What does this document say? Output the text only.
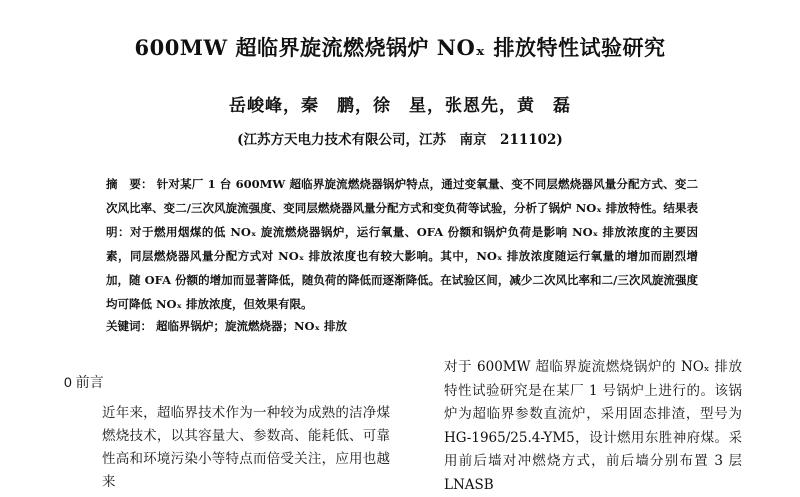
600MW 超临界旋流燃烧锅炉 NOₓ 排放特性试验研究
岳峻峰，秦　鹏，徐　星，张恩先，黄　磊
(江苏方天电力技术有限公司，江苏　南京　211102)
摘　要： 针对某厂 1 台 600MW 超临界旋流燃烧器锅炉特点，通过变氧量、变不同层燃烧器风量分配方式、变二次风比率、变二/三次风旋流强度、变同层燃烧器风量分配方式和变负荷等试验，分析了锅炉 NOₓ 排放特性。结果表明：对于燃用烟煤的低 NOₓ 旋流燃烧器锅炉，运行氧量、OFA 份额和锅炉负荷是影响 NOₓ 排放浓度的主要因素，同层燃烧器风量分配方式对 NOₓ 排放浓度也有较大影响。其中，NOₓ 排放浓度随运行氧量的增加而剧烈增加，随 OFA 份额的增加而显著降低，随负荷的降低而逐渐降低。在试验区间，减少二次风比率和二/三次风旋流强度均可降低 NOₓ 排放浓度，但效果有限。
关键词： 超临界锅炉；旋流燃烧器；NOₓ 排放
0 前言
近年来，超临界技术作为一种较为成熟的洁净煤燃烧技术，以其容量大、参数高、能耗低、可靠性高和环境污染小等特点而倍受关注，应用也越来
对于 600MW 超临界旋流燃烧锅炉的 NOₓ 排放特性试验研究是在某厂 1 号锅炉上进行的。该锅炉为超临界参数直流炉，采用固态排渣，型号为 HG-1965/25.4-YM5，设计燃用东胜神府煤。采用前后墙对冲燃烧方式，前后墙分别布置 3 层 LNASB
